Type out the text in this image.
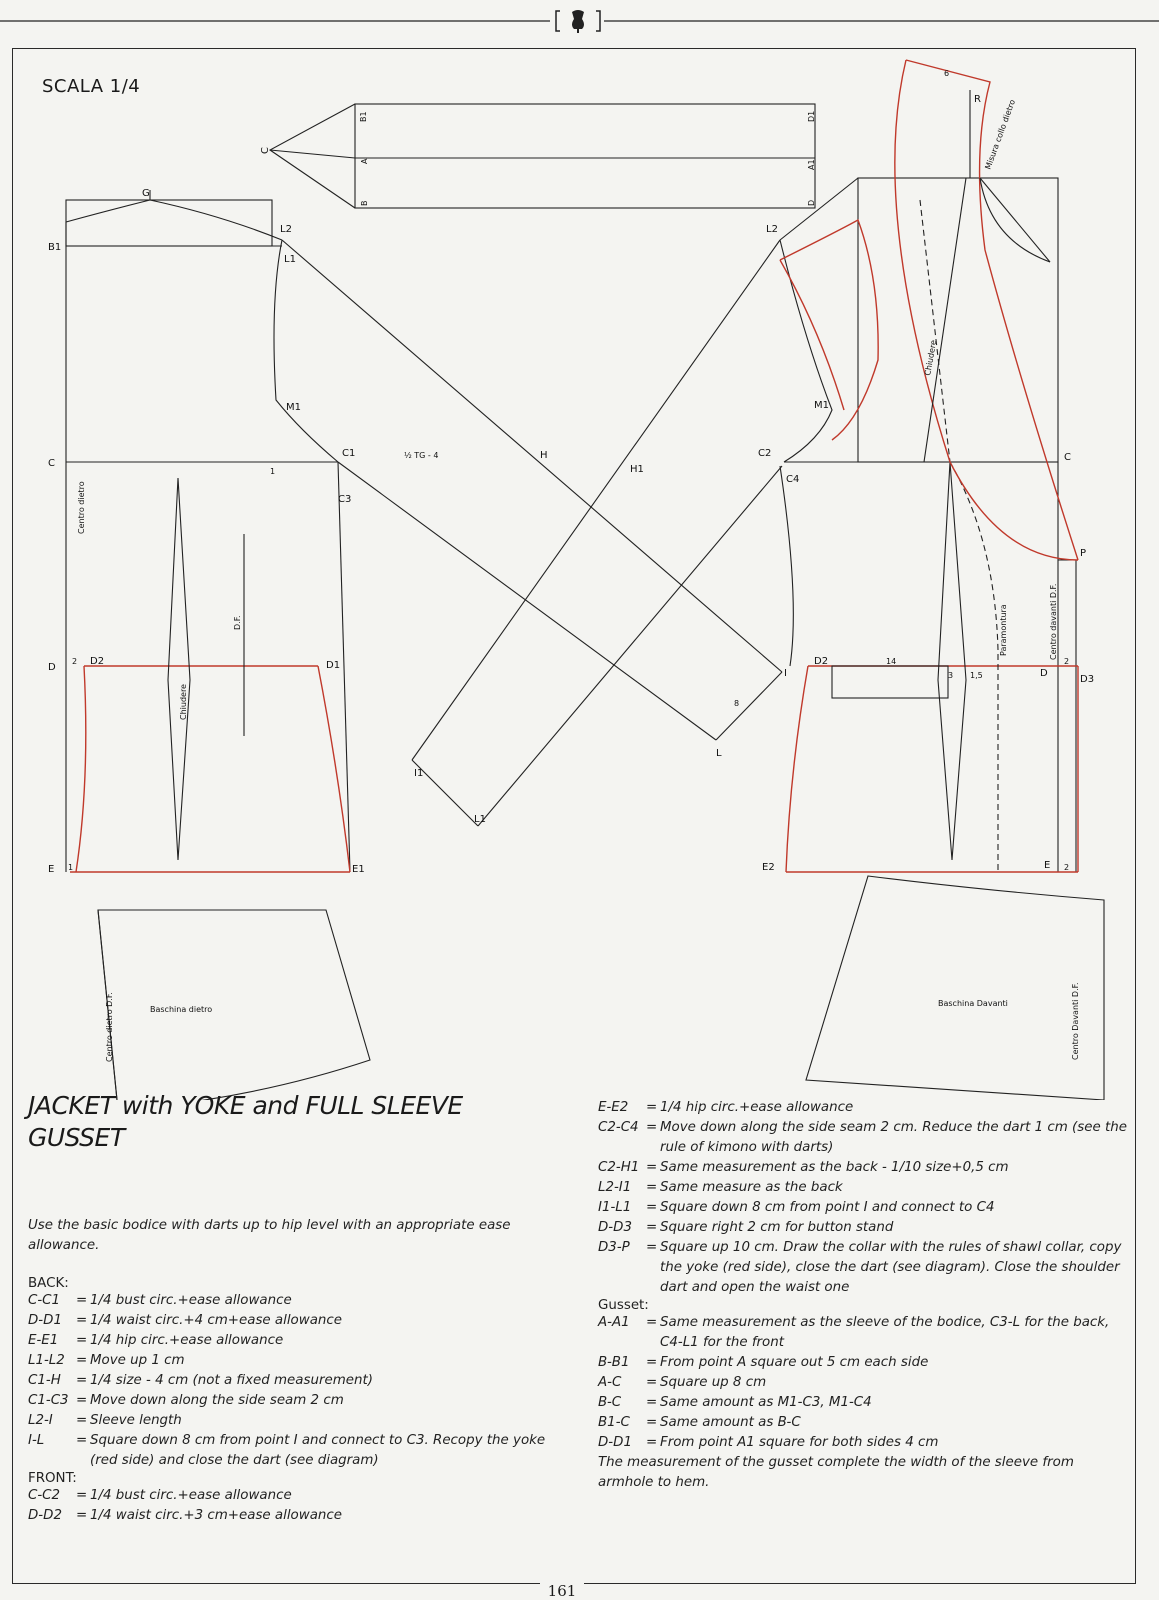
SCALA 1/4
C
B1
A
B
D1
A1
D
G
B1
L2
L1
M1
C
C1
C3
H
H1
C2
C4
L2
M1
C
I
I1
L
L1
D
D2	D1
E	E1
D2
D
D3
E2	E
P
R
2
1
1
14
3 1,5
2
2
8
6
½ TG - 4
Centro dietro
Chiudere
D.F.
Chiudere
Paramontura	Centro davanti D.F.
Misura collo dietro
Centro dietro D.F.	Baschina dietro
Baschina Davanti	Centro Davanti D.F.
JACKET with YOKE and FULL SLEEVE GUSSET
Use the basic bodice with darts up to hip level with an appropriate ease allowance.
BACK:
C-C1	= 1/4 bust circ.+ease allowance
D-D1	= 1/4 waist circ.+4 cm+ease allowance
E-E1	= 1/4 hip circ.+ease allowance
L1-L2 = Move up 1 cm
C1-H	= 1/4 size - 4 cm (not a fixed measurement)
C1-C3 = Move down along the side seam 2 cm
L2-I	= Sleeve length
I-L	= Square down 8 cm from point I and connect to C3. Recopy the yoke (red side) and close the dart (see diagram)
FRONT:
C-C2	= 1/4 bust circ.+ease allowance
D-D2	= 1/4 waist circ.+3 cm+ease allowance
E-E2	= 1/4 hip circ.+ease allowance
C2-C4 = Move down along the side seam 2 cm. Reduce the dart 1 cm (see the rule of kimono with darts)
C2-H1 = Same measurement as the back - 1/10 size+0,5 cm
L2-I1	= Same measure as the back
I1-L1	= Square down 8 cm from point I and connect to C4
D-D3	= Square right 2 cm for button stand
D3-P	= Square up 10 cm. Draw the collar with the rules of shawl collar, copy the yoke (red side), close the dart (see diagram). Close the shoulder dart and open the waist one
Gusset:
A-A1	= Same measurement as the sleeve of the bodice, C3-L for the back, C4-L1 for the front
B-B1	= From point A square out 5 cm each side
A-C	= Square up 8 cm
B-C	= Same amount as M1-C3, M1-C4
B1-C	= Same amount as B-C
D-D1	= From point A1 square for both sides 4 cm
The measurement of the gusset complete the width of the sleeve from armhole to hem.
161
